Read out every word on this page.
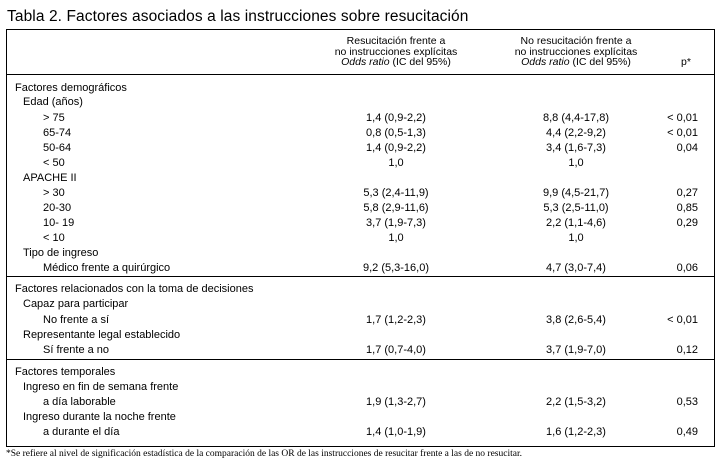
Tabla 2. Factores asociados a las instrucciones sobre resucitación
Resucitación frente a
no instrucciones explícitas
Odds ratio (IC del 95%)
No resucitación frente a
no instrucciones explícitas
Odds ratio (IC del 95%)	p*
Factores demográficos
Edad (años)
> 75	1,4 (0,9-2,2)	8,8 (4,4-17,8)	< 0,01
65-74	0,8 (0,5-1,3)	4,4 (2,2-9,2)	< 0,01
50-64	1,4 (0,9-2,2)	3,4 (1,6-7,3)	0,04
< 50	1,0	1,0
APACHE II
> 30	5,3 (2,4-11,9)	9,9 (4,5-21,7)	0,27
20-30	5,8 (2,9-11,6)	5,3 (2,5-11,0)	0,85
10- 19	3,7 (1,9-7,3)	2,2 (1,1-4,6)	0,29
< 10	1,0	1,0
Tipo de ingreso
Médico frente a quirúrgico	9,2 (5,3-16,0)	4,7 (3,0-7,4)	0,06
Factores relacionados con la toma de decisiones
Capaz para participar
No frente a sí	1,7 (1,2-2,3)	3,8 (2,6-5,4)	< 0,01
Representante legal establecido
Sí frente a no	1,7 (0,7-4,0)	3,7 (1,9-7,0)	0,12
Factores temporales
Ingreso en fin de semana frente
a día laborable	1,9 (1,3-2,7)	2,2 (1,5-3,2)	0,53
Ingreso durante la noche frente
a durante el día	1,4 (1,0-1,9)	1,6 (1,2-2,3)	0,49
*Se refiere al nivel de significación estadística de la comparación de las OR de las instrucciones de resucitar frente a las de no resucitar.
